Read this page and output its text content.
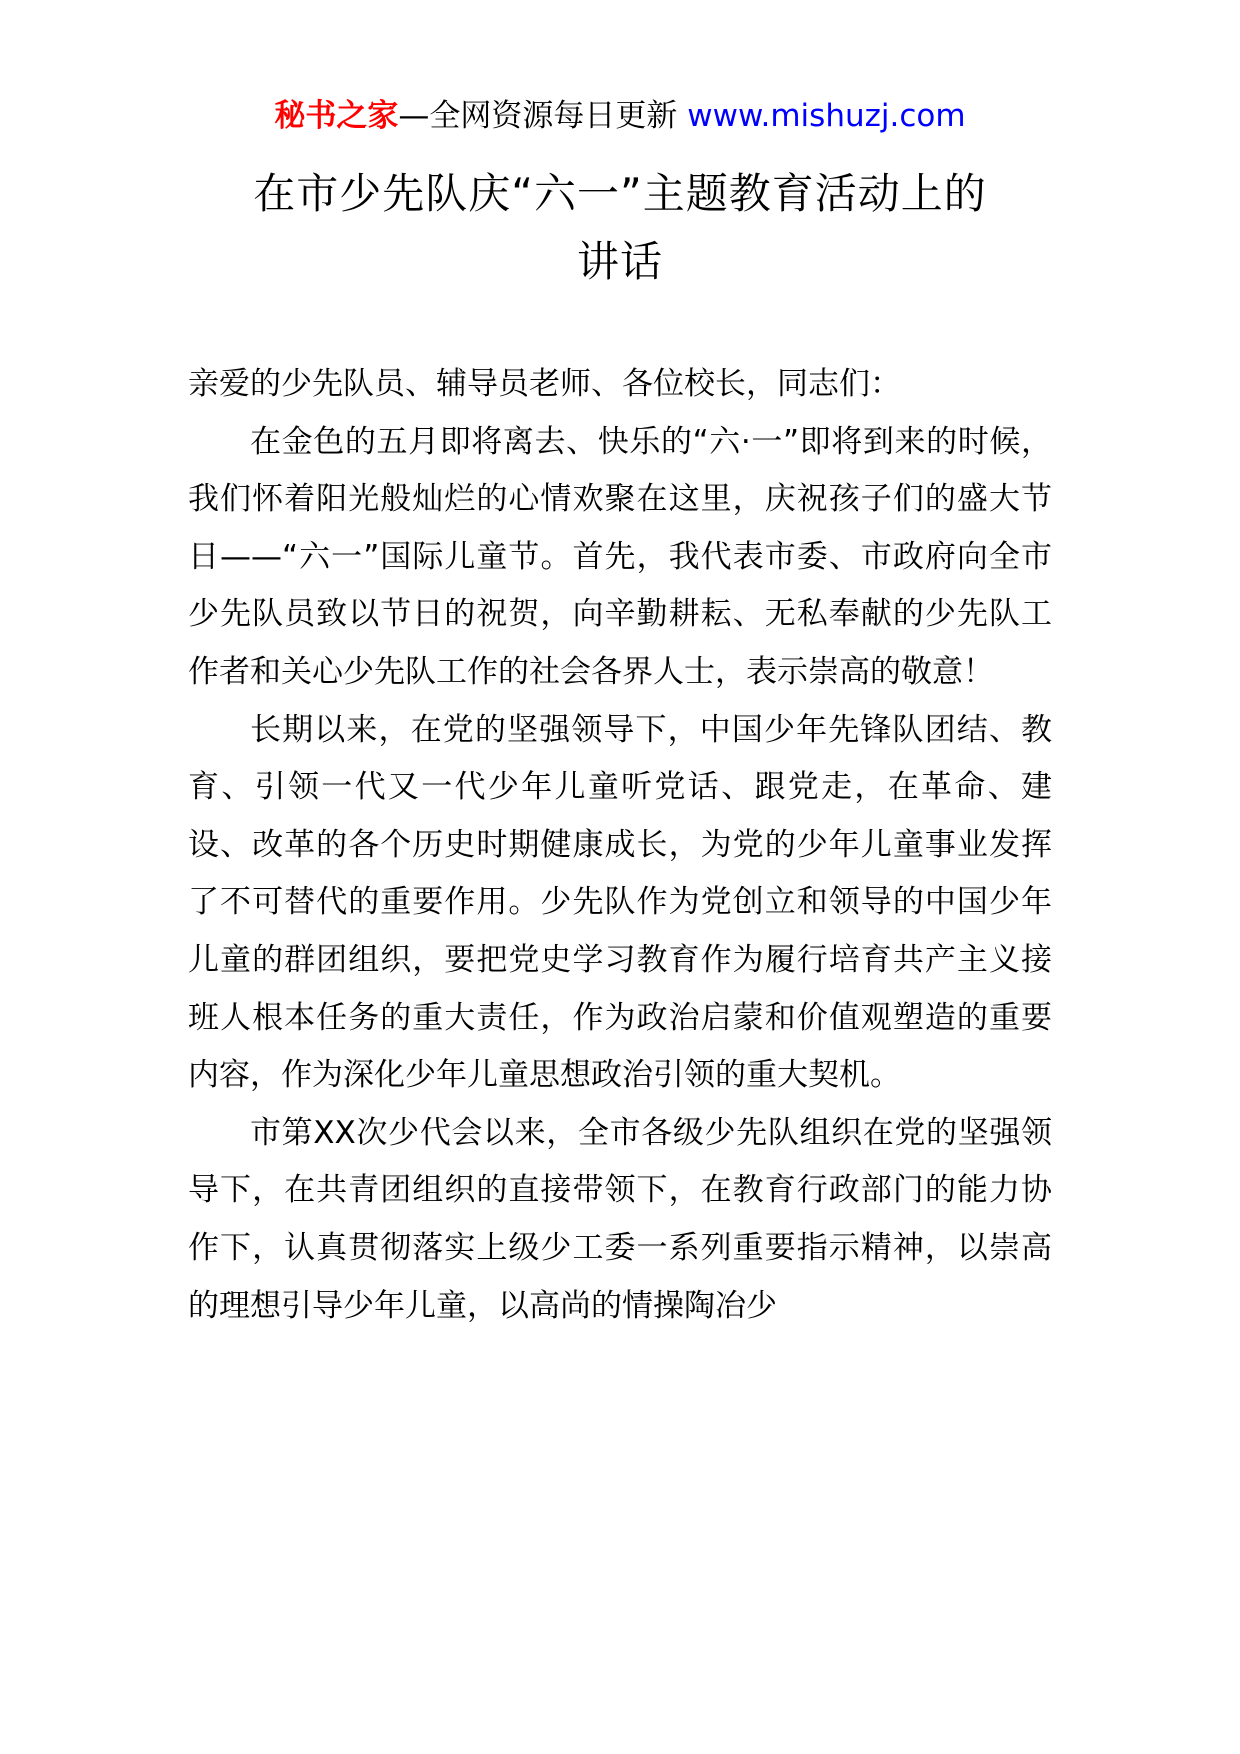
秘书之家—全网资源每日更新 www.mishuzj.com
在市少先队庆“六一”主题教育活动上的
讲话

亲爱的少先队员、辅导员老师、各位校长，同志们：

在金色的五月即将离去、快乐的“六·一”即将到来的时候，我们怀着阳光般灿烂的心情欢聚在这里，庆祝孩子们的盛大节日——“六一”国际儿童节。首先，我代表市委、市政府向全市少先队员致以节日的祝贺，向辛勤耕耘、无私奉献的少先队工作者和关心少先队工作的社会各界人士，表示崇高的敬意！

长期以来，在党的坚强领导下，中国少年先锋队团结、教育、引领一代又一代少年儿童听党话、跟党走，在革命、建设、改革的各个历史时期健康成长，为党的少年儿童事业发挥了不可替代的重要作用。少先队作为党创立和领导的中国少年儿童的群团组织，要把党史学习教育作为履行培育共产主义接班人根本任务的重大责任，作为政治启蒙和价值观塑造的重要内容，作为深化少年儿童思想政治引领的重大契机。

市第XX次少代会以来，全市各级少先队组织在党的坚强领导下，在共青团组织的直接带领下，在教育行政部门的能力协作下，认真贯彻落实上级少工委一系列重要指示精神，以崇高的理想引导少年儿童，以高尚的情操陶冶少
